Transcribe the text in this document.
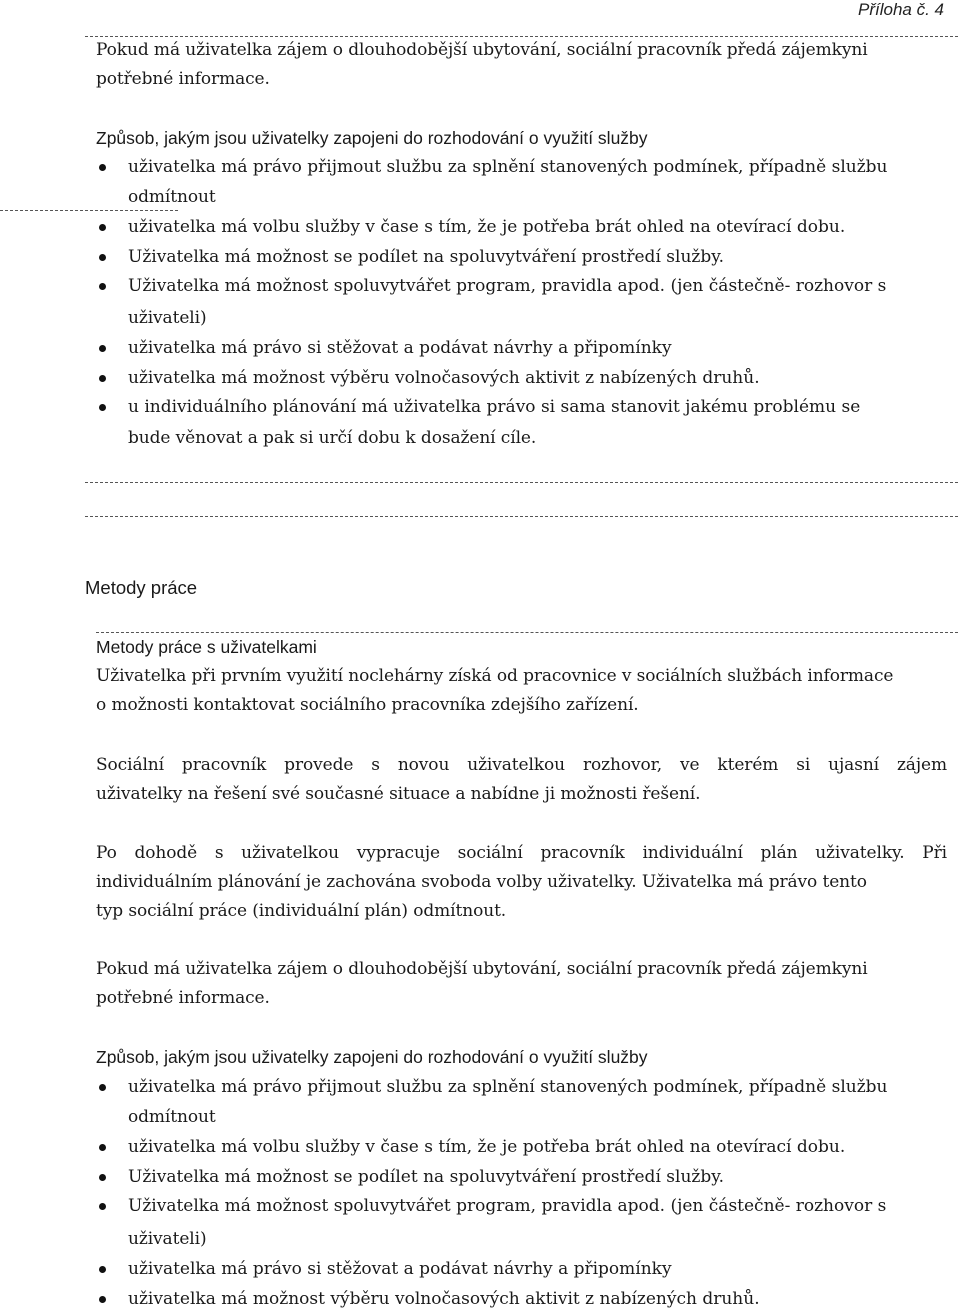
Příloha č. 4
Pokud má uživatelka zájem o dlouhodobější ubytování, sociální pracovník předá zájemkyni
potřebné informace.
Způsob, jakým jsou uživatelky zapojeni do rozhodování o využití služby
uživatelka má právo přijmout službu za splnění stanovených podmínek, případně službu
odmítnout
uživatelka má volbu služby v čase s tím, že je potřeba brát ohled na otevírací dobu.
Uživatelka má možnost se podílet na spoluvytváření prostředí služby.
Uživatelka má možnost spoluvytvářet program, pravidla apod. (jen částečně- rozhovor s
uživateli)
uživatelka má právo si stěžovat a podávat návrhy a připomínky
uživatelka má možnost výběru volnočasových aktivit z nabízených druhů.
u individuálního plánování má uživatelka právo si sama stanovit jakému problému se
bude věnovat a pak si určí dobu k dosažení cíle.
Metody práce
Metody práce s uživatelkami
Uživatelka při prvním využití noclehárny získá od pracovnice v sociálních službách informace
o možnosti kontaktovat sociálního pracovníka zdejšího zařízení.
Sociální pracovník provede s novou uživatelkou rozhovor, ve kterém si ujasní zájem
uživatelky na řešení své současné situace a nabídne ji možnosti řešení.
Po dohodě s uživatelkou vypracuje sociální pracovník individuální plán uživatelky. Při
individuálním plánování je zachována svoboda volby uživatelky. Uživatelka má právo tento
typ sociální práce (individuální plán) odmítnout.
Pokud má uživatelka zájem o dlouhodobější ubytování, sociální pracovník předá zájemkyni
potřebné informace.
Způsob, jakým jsou uživatelky zapojeni do rozhodování o využití služby
uživatelka má právo přijmout službu za splnění stanovených podmínek, případně službu
odmítnout
uživatelka má volbu služby v čase s tím, že je potřeba brát ohled na otevírací dobu.
Uživatelka má možnost se podílet na spoluvytváření prostředí služby.
Uživatelka má možnost spoluvytvářet program, pravidla apod. (jen částečně- rozhovor s
uživateli)
uživatelka má právo si stěžovat a podávat návrhy a připomínky
uživatelka má možnost výběru volnočasových aktivit z nabízených druhů.
